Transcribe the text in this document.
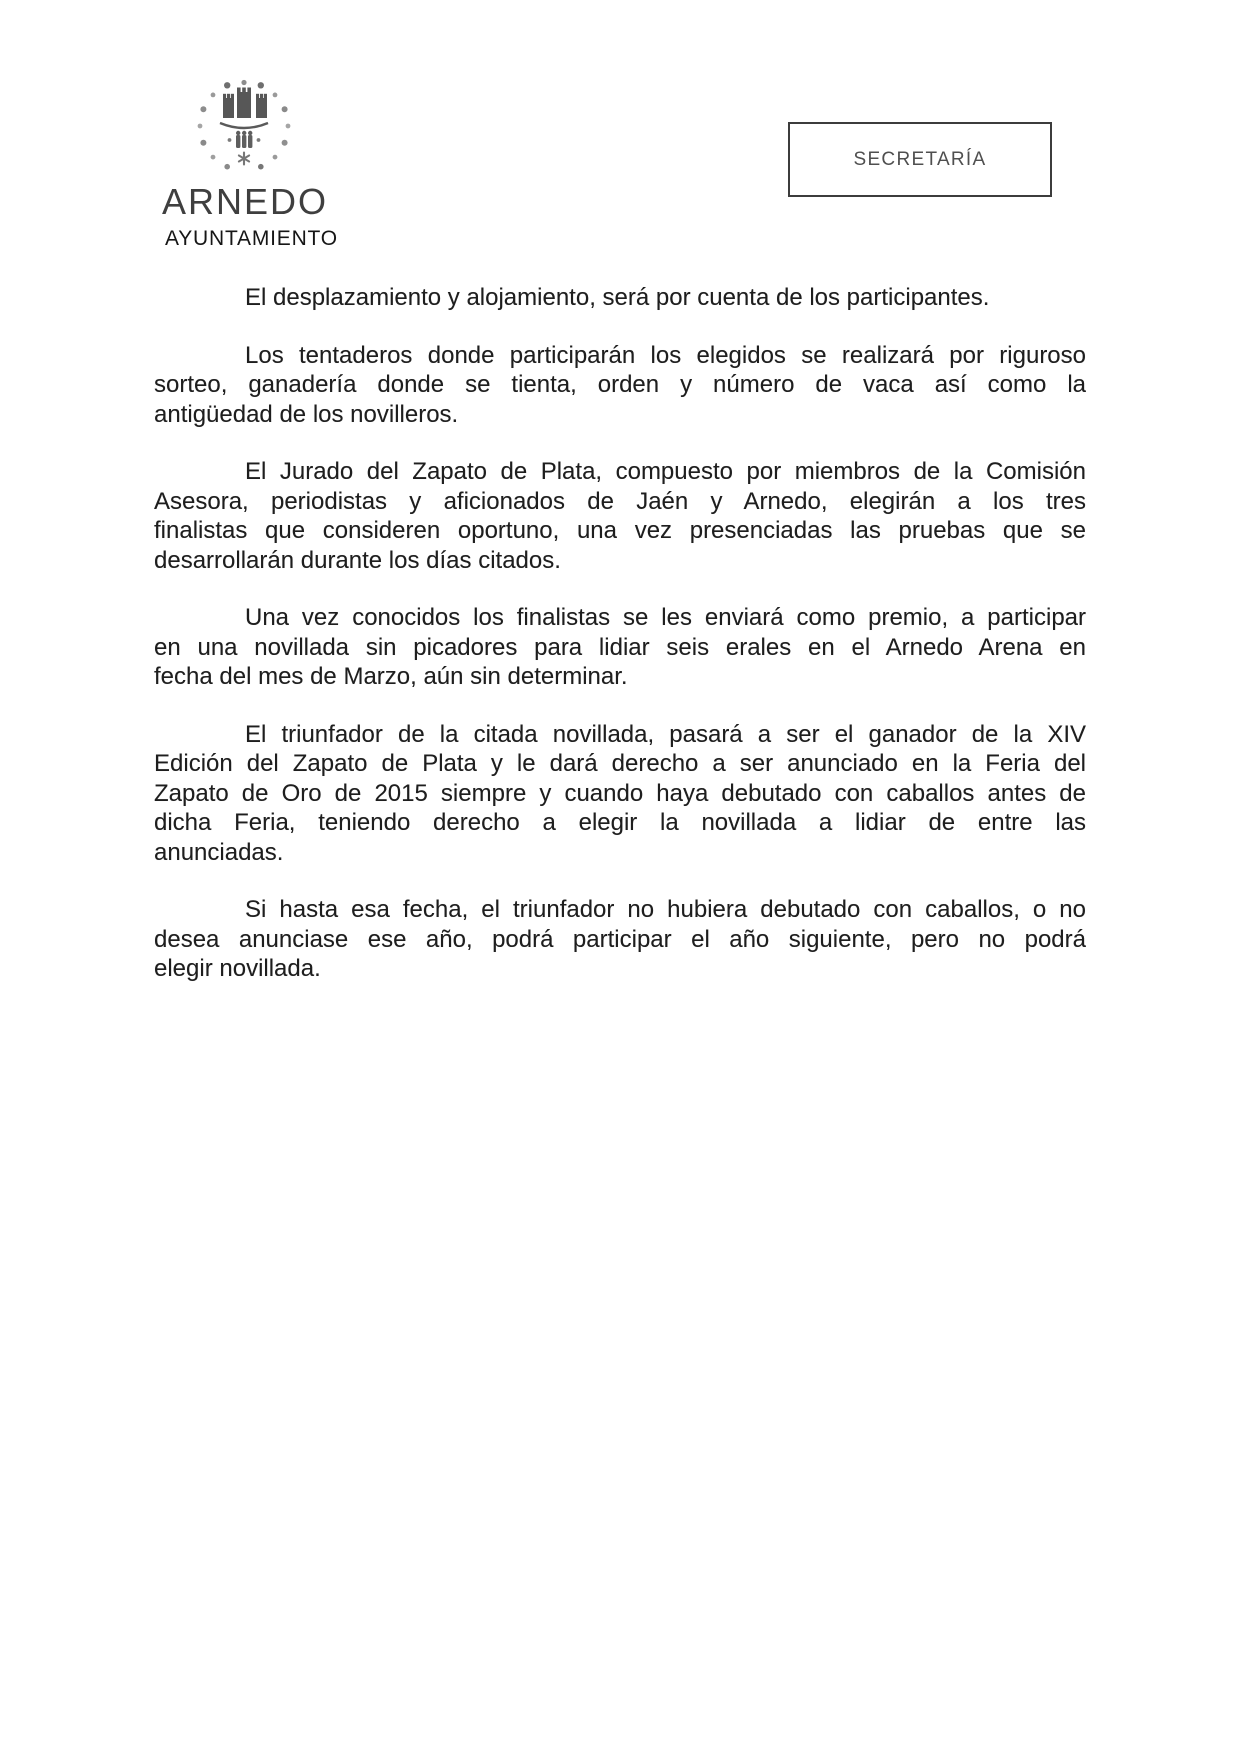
ARNEDO
AYUNTAMIENTO
SECRETARÍA
El desplazamiento y alojamiento, será por cuenta de los participantes.
Los tentaderos donde participarán los elegidos se realizará por riguroso
sorteo, ganadería donde se tienta, orden y número de vaca así como la
antigüedad de los novilleros.
El Jurado del Zapato de Plata, compuesto por miembros de la Comisión
Asesora, periodistas y aficionados de Jaén y Arnedo, elegirán a los tres
finalistas que consideren oportuno, una vez presenciadas las pruebas que se
desarrollarán durante los días citados.
Una vez conocidos los finalistas se les enviará como premio, a participar
en una novillada sin picadores para lidiar seis erales en el Arnedo Arena en
fecha del mes de Marzo, aún sin determinar.
El triunfador de la citada novillada, pasará a ser el ganador de la XIV
Edición del Zapato de Plata y le dará derecho a ser anunciado en la Feria del
Zapato de Oro de 2015 siempre y cuando haya debutado con caballos antes de
dicha Feria, teniendo derecho a elegir la novillada a lidiar de entre las
anunciadas.
Si hasta esa fecha, el triunfador no hubiera debutado con caballos, o no
desea anunciase ese año, podrá participar el año siguiente, pero no podrá
elegir novillada.
